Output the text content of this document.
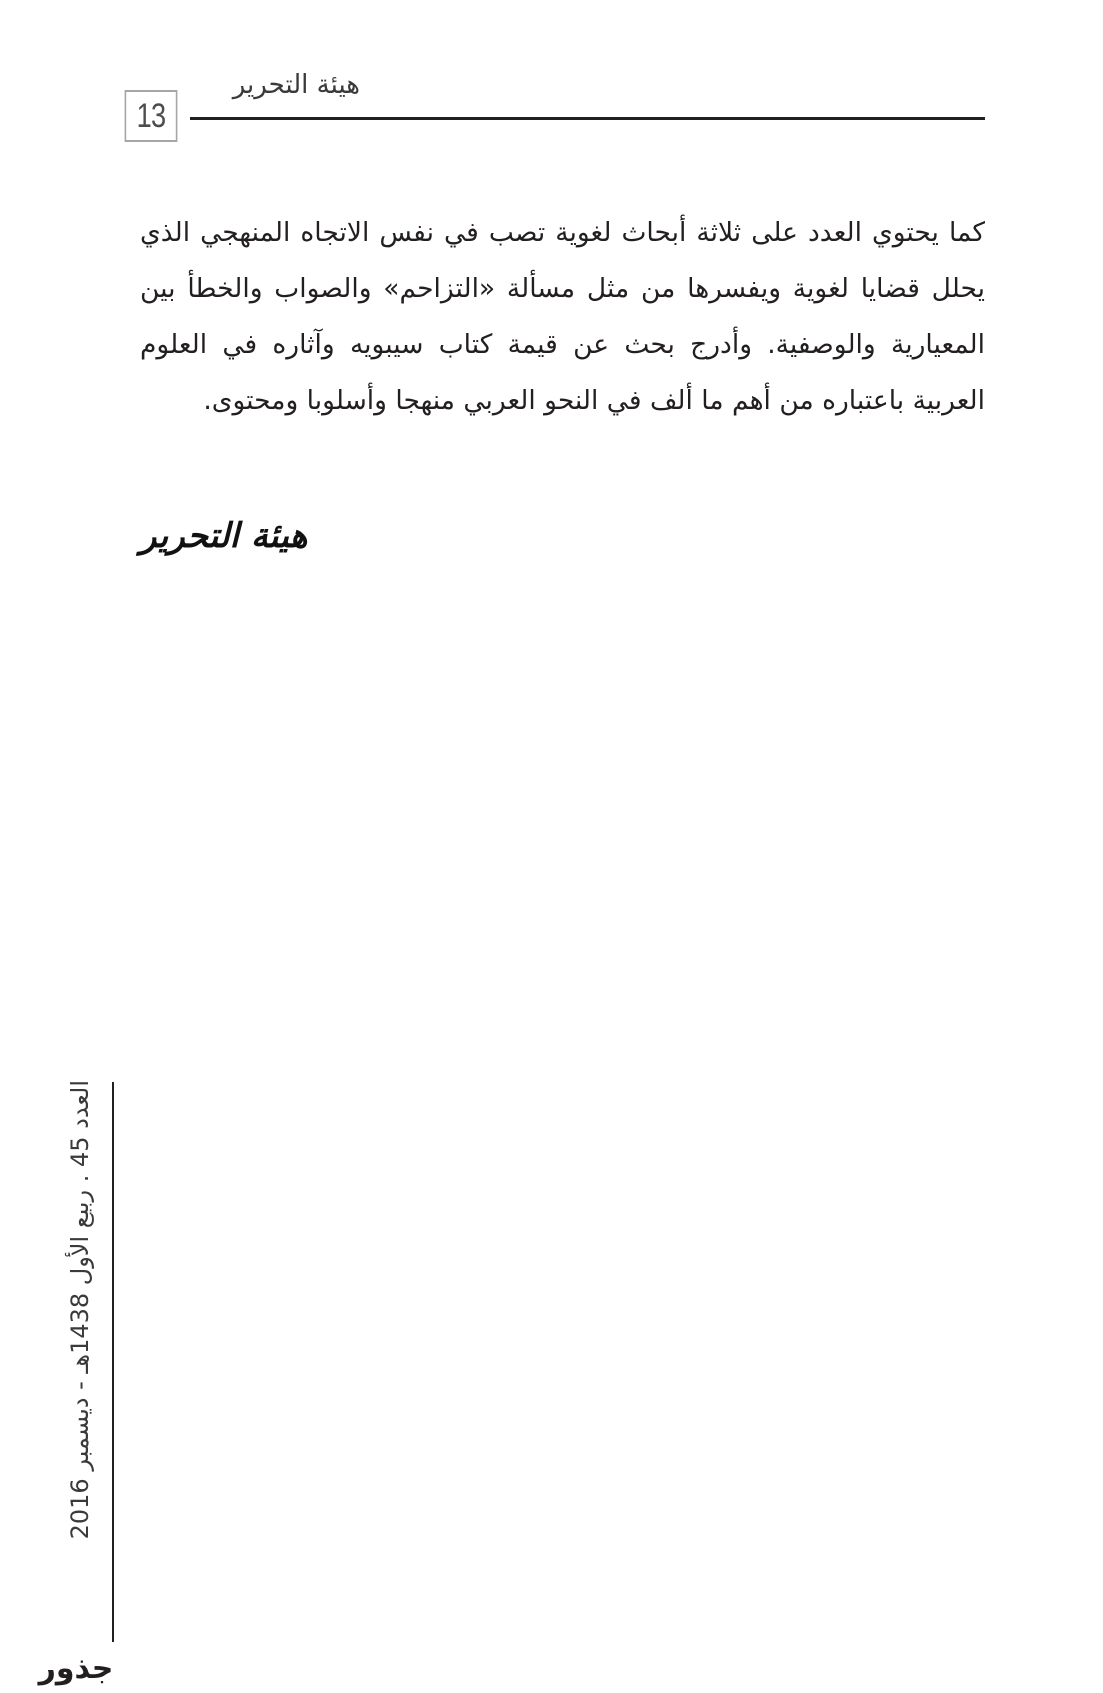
13
هيئة التحرير

كما يحتوي العدد على ثلاثة أبحاث لغوية تصب في نفس الاتجاه المنهجي الذي يحلل قضايا لغوية ويفسرها من مثل مسألة «التزاحم» والصواب والخطأ بين المعيارية والوصفية. وأدرج بحث عن قيمة كتاب سيبويه وآثاره في العلوم العربية باعتباره من أهم ما ألف في النحو العربي منهجا وأسلوبا ومحتوى.

هيئة التحرير
العدد 45 . ربيع الأول 1438هـ - ديسمبر 2016
جذور
